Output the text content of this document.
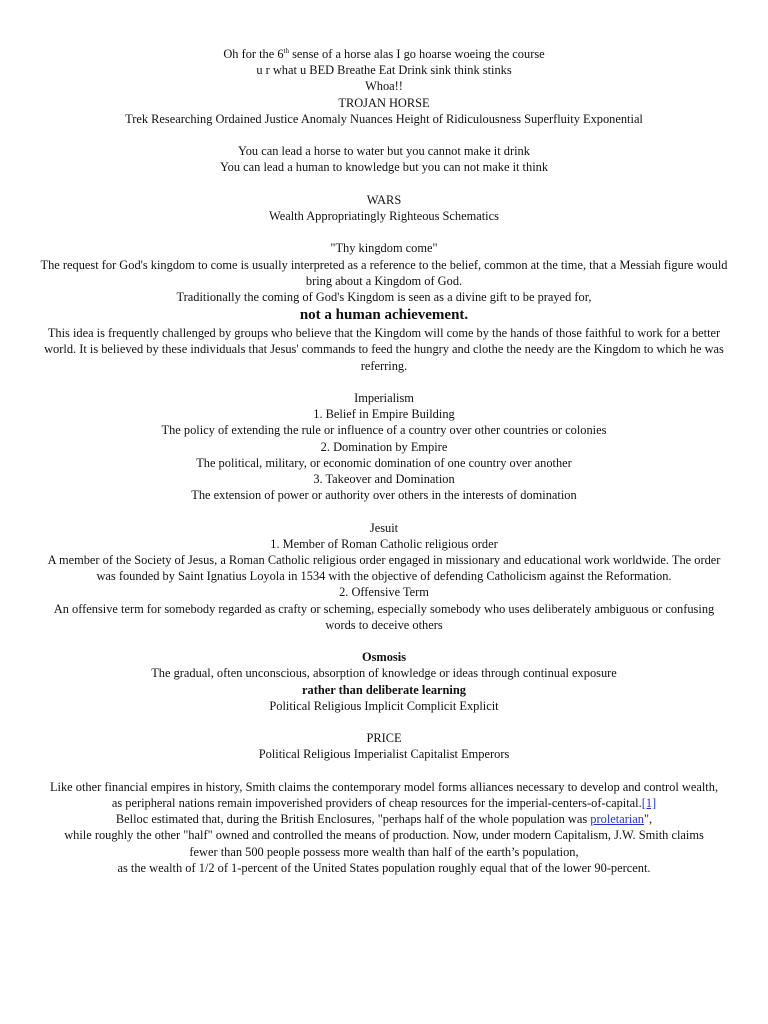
Oh for the 6th sense of a horse alas I go hoarse woeing the course

u r what u BED Breathe Eat Drink sink think stinks

Whoa!!

TROJAN HORSE

Trek Researching Ordained Justice Anomaly Nuances Height of Ridiculousness Superfluity Exponential

You can lead a horse to water but you cannot make it drink

You can lead a human to knowledge but you can not make it think

WARS

Wealth Appropriatingly Righteous Schematics

"Thy kingdom come"

The request for God's kingdom to come is usually interpreted as a reference to the belief, common at the time, that a Messiah figure would bring about a Kingdom of God.

Traditionally the coming of God's Kingdom is seen as a divine gift to be prayed for,

not a human achievement.

This idea is frequently challenged by groups who believe that the Kingdom will come by the hands of those faithful to work for a better world. It is believed by these individuals that Jesus' commands to feed the hungry and clothe the needy are the Kingdom to which he was referring.

Imperialism

1. Belief in Empire Building

The policy of extending the rule or influence of a country over other countries or colonies

2. Domination by Empire

The political, military, or economic domination of one country over another

3. Takeover and Domination

The extension of power or authority over others in the interests of domination

Jesuit

1. Member of Roman Catholic religious order

A member of the Society of Jesus, a Roman Catholic religious order engaged in missionary and educational work worldwide. The order was founded by Saint Ignatius Loyola in 1534 with the objective of defending Catholicism against the Reformation.

2. Offensive Term

An offensive term for somebody regarded as crafty or scheming, especially somebody who uses deliberately ambiguous or confusing words to deceive others

Osmosis

The gradual, often unconscious, absorption of knowledge or ideas through continual exposure

rather than deliberate learning

Political Religious Implicit Complicit Explicit

PRICE

Political Religious Imperialist Capitalist Emperors

Like other financial empires in history, Smith claims the contemporary model forms alliances necessary to develop and control wealth,

as peripheral nations remain impoverished providers of cheap resources for the imperial-centers-of-capital.[1]

Belloc estimated that, during the British Enclosures, "perhaps half of the whole population was proletarian",

while roughly the other "half" owned and controlled the means of production. Now, under modern Capitalism, J.W. Smith claims

fewer than 500 people possess more wealth than half of the earth’s population,

as the wealth of 1/2 of 1-percent of the United States population roughly equal that of the lower 90-percent.
